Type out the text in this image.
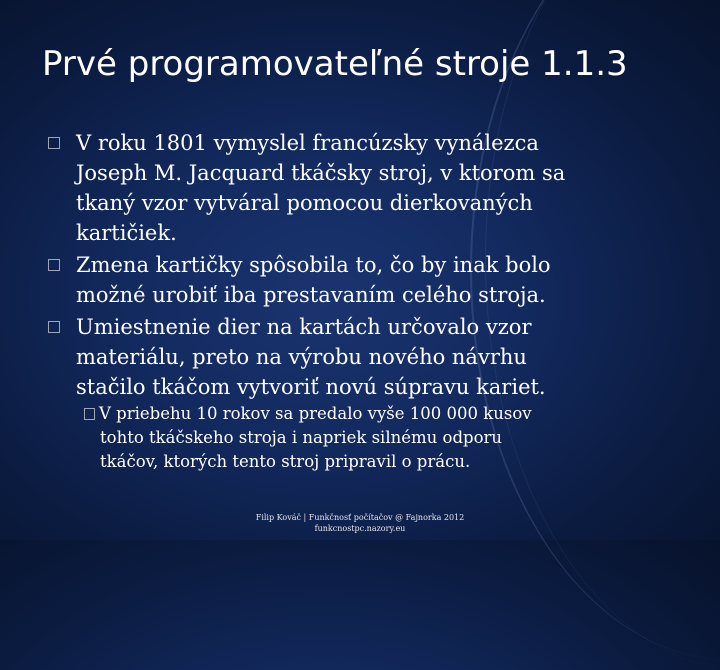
Prvé programovateľné stroje 1.1.3
V roku 1801 vymyslel francúzsky vynálezca
Joseph M. Jacquard tkáčsky stroj, v ktorom sa
tkaný vzor vytváral pomocou dierkovaných
kartičiek.
Zmena kartičky spôsobila to, čo by inak bolo
možné urobiť iba prestavaním celého stroja.
Umiestnenie dier na kartách určovalo vzor
materiálu, preto na výrobu nového návrhu
stačilo tkáčom vytvoriť novú súpravu kariet.
V priebehu 10 rokov sa predalo vyše 100 000 kusov
tohto tkáčskeho stroja i napriek silnému odporu
tkáčov, ktorých tento stroj pripravil o prácu.
Filip Kováč | Funkčnosť počítačov @ Fajnorka 2012
funkcnostpc.nazory.eu
